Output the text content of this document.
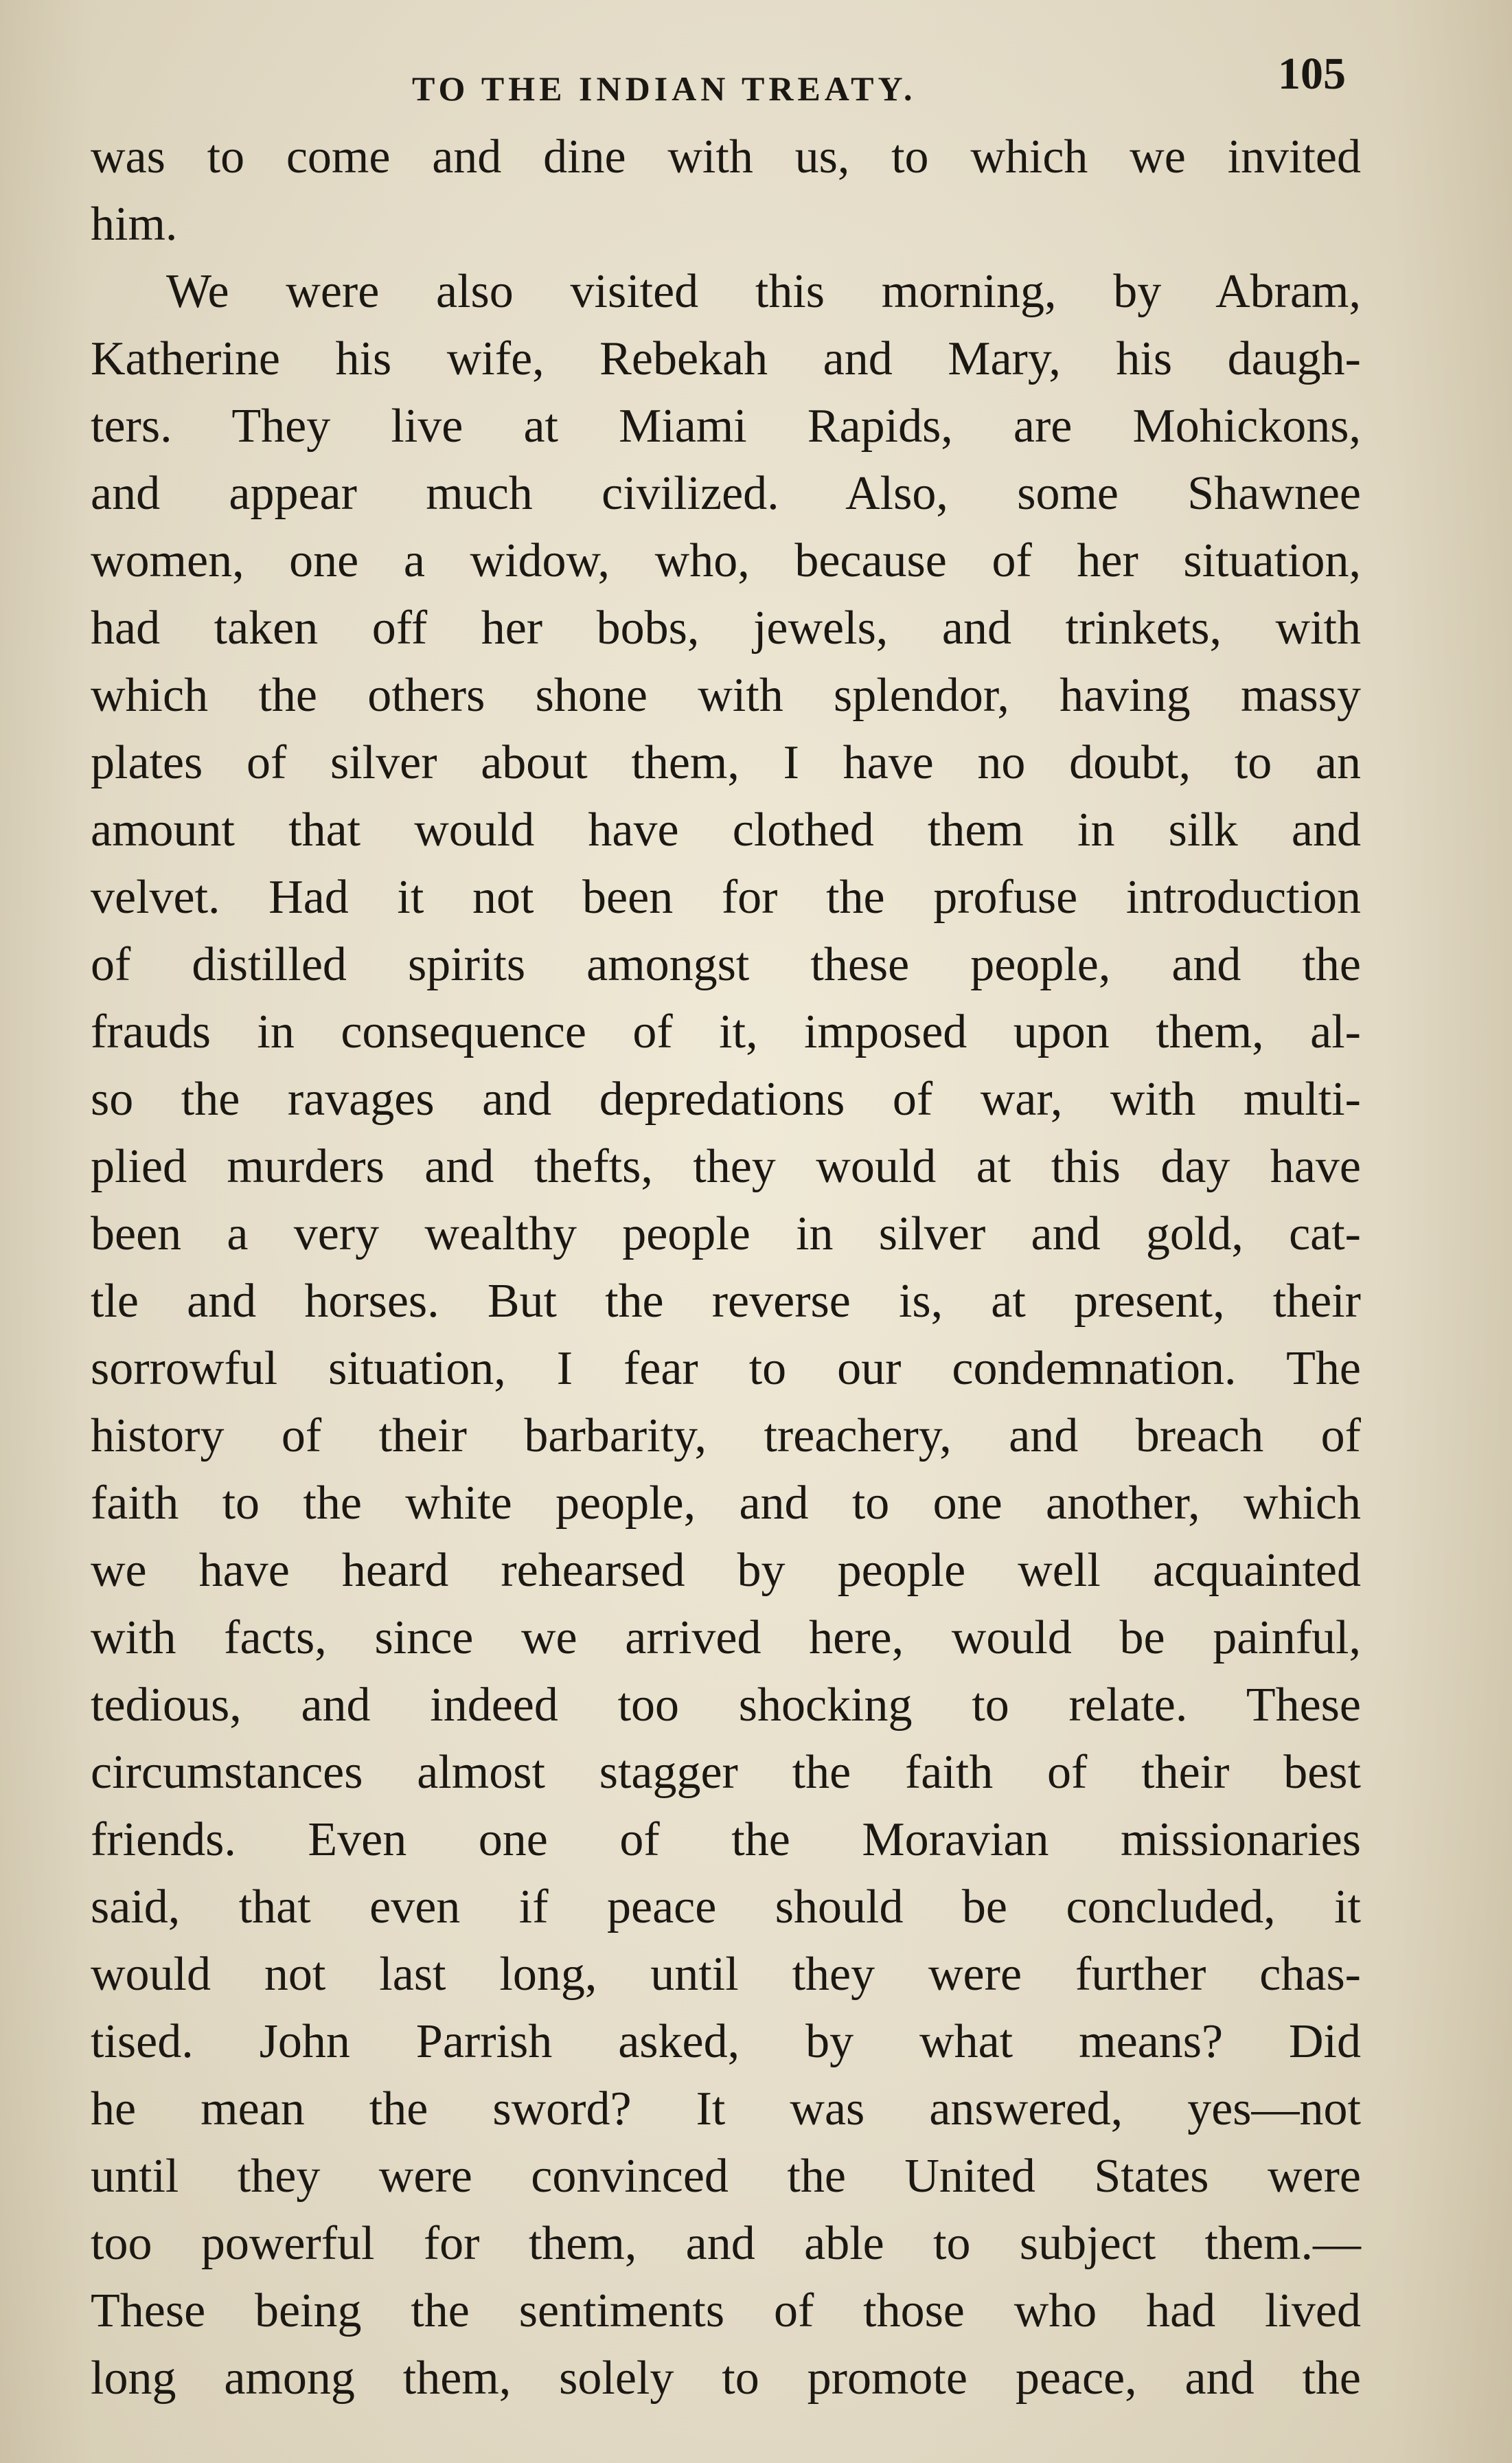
TO THE INDIAN TREATY.	105
was to come and dine with us, to which we invited
him.
We were also visited this morning, by Abram,
Katherine his wife, Rebekah and Mary, his daugh-
ters. They live at Miami Rapids, are Mohickons,
and appear much civilized. Also, some Shawnee
women, one a widow, who, because of her situation,
had taken off her bobs, jewels, and trinkets, with
which the others shone with splendor, having massy
plates of silver about them, I have no doubt, to an
amount that would have clothed them in silk and
velvet. Had it not been for the profuse introduction
of distilled spirits amongst these people, and the
frauds in consequence of it, imposed upon them, al-
so the ravages and depredations of war, with multi-
plied murders and thefts, they would at this day have
been a very wealthy people in silver and gold, cat-
tle and horses. But the reverse is, at present, their
sorrowful situation, I fear to our condemnation. The
history of their barbarity, treachery, and breach of
faith to the white people, and to one another, which
we have heard rehearsed by people well acquainted
with facts, since we arrived here, would be painful,
tedious, and indeed too shocking to relate. These
circumstances almost stagger the faith of their best
friends. Even one of the Moravian missionaries
said, that even if peace should be concluded, it
would not last long, until they were further chas-
tised. John Parrish asked, by what means? Did
he mean the sword? It was answered, yes—not
until they were convinced the United States were
too powerful for them, and able to subject them.—
These being the sentiments of those who had lived
long among them, solely to promote peace, and the
